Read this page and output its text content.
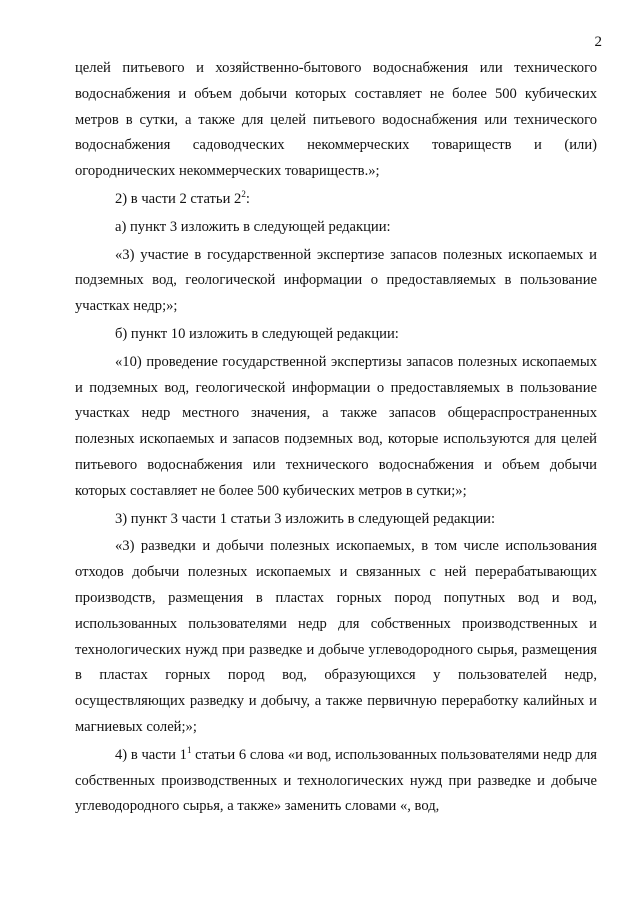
2

целей питьевого и хозяйственно-бытового водоснабжения или технического водоснабжения и объем добычи которых составляет не более 500 кубических метров в сутки, а также для целей питьевого водоснабжения или технического водоснабжения садоводческих некоммерческих товариществ и (или) огороднических некоммерческих товариществ.»;

2) в части 2 статьи $2^2$:

а) пункт 3 изложить в следующей редакции:

«3) участие в государственной экспертизе запасов полезных ископаемых и подземных вод, геологической информации о предоставляемых в пользование участках недр;»;

б) пункт 10 изложить в следующей редакции:

«10) проведение государственной экспертизы запасов полезных ископаемых и подземных вод, геологической информации о предоставляемых в пользование участках недр местного значения, а также запасов общераспространенных полезных ископаемых и запасов подземных вод, которые используются для целей питьевого водоснабжения или технического водоснабжения и объем добычи которых составляет не более 500 кубических метров в сутки;»;

3) пункт 3 части 1 статьи 3 изложить в следующей редакции:

«3) разведки и добычи полезных ископаемых, в том числе использования отходов добычи полезных ископаемых и связанных с ней перерабатывающих производств, размещения в пластах горных пород попутных вод и вод, использованных пользователями недр для собственных производственных и технологических нужд при разведке и добыче углеводородного сырья, размещения в пластах горных пород вод, образующихся у пользователей недр, осуществляющих разведку и добычу, а также первичную переработку калийных и магниевых солей;»;

4) в части $1^1$ статьи 6 слова «и вод, использованных пользователями недр для собственных производственных и технологических нужд при разведке и добыче углеводородного сырья, а также» заменить словами «, вод,
